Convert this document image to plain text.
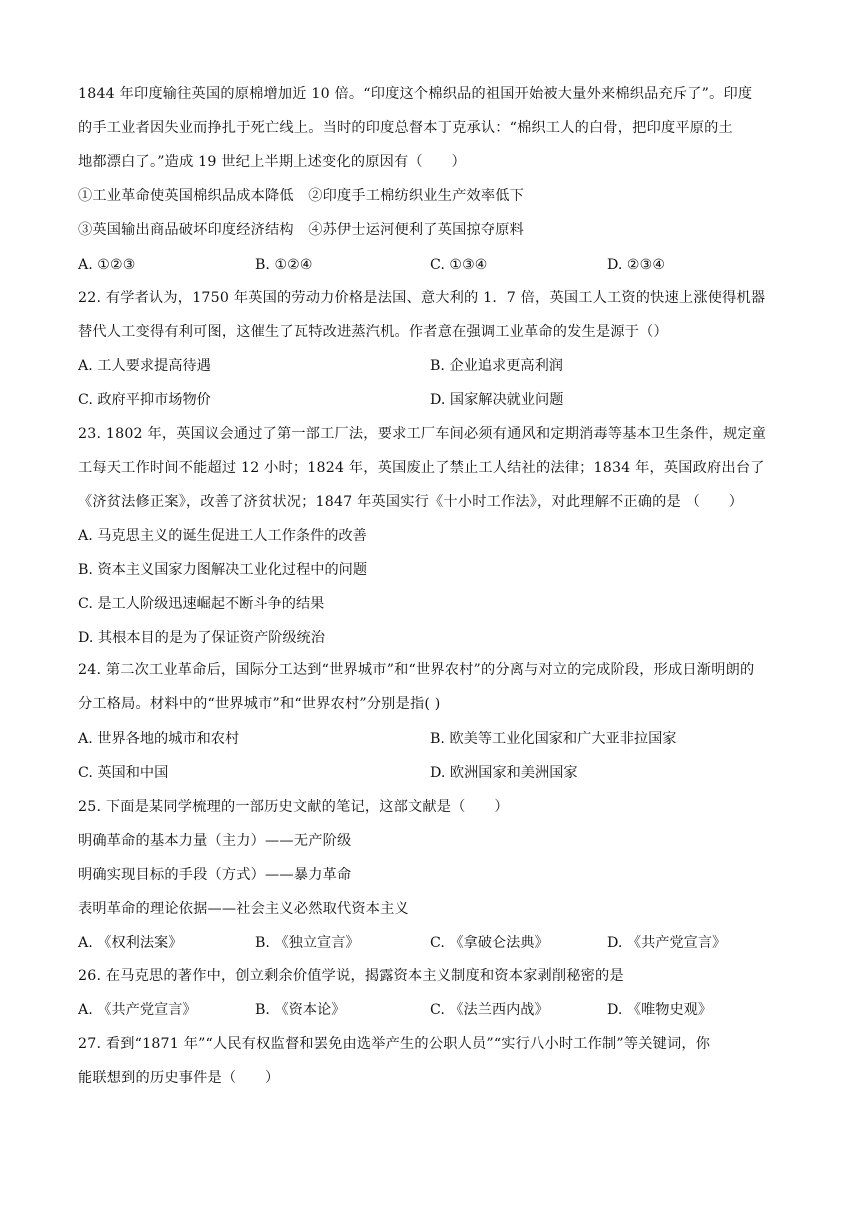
1844 年印度输往英国的原棉增加近 10 倍。“印度这个棉织品的祖国开始被大量外来棉织品充斥了”。印度
的手工业者因失业而挣扎于死亡线上。当时的印度总督本丁克承认：“棉织工人的白骨，把印度平原的土
地都漂白了。”造成 19 世纪上半期上述变化的原因有（　　）
①工业革命使英国棉织品成本降低　②印度手工棉纺织业生产效率低下
③英国输出商品破坏印度经济结构　④苏伊士运河便利了英国掠夺原料
A. ①②③	B. ①②④	C. ①③④	D. ②③④
22. 有学者认为，1750 年英国的劳动力价格是法国、意大利的 1．7 倍，英国工人工资的快速上涨使得机器
替代人工变得有利可图，这催生了瓦特改进蒸汽机。作者意在强调工业革命的发生是源于（）
A. 工人要求提高待遇	B. 企业追求更高利润
C. 政府平抑市场物价	D. 国家解决就业问题
23. 1802 年，英国议会通过了第一部工厂法，要求工厂车间必须有通风和定期消毒等基本卫生条件，规定童
工每天工作时间不能超过 12 小时；1824 年，英国废止了禁止工人结社的法律；1834 年，英国政府出台了
《济贫法修正案》，改善了济贫状况；1847 年英国实行《十小时工作法》，对此理解不正确的是 （　　）
A. 马克思主义的诞生促进工人工作条件的改善
B. 资本主义国家力图解决工业化过程中的问题
C. 是工人阶级迅速崛起不断斗争的结果
D. 其根本目的是为了保证资产阶级统治
24. 第二次工业革命后，国际分工达到“世界城市”和“世界农村”的分离与对立的完成阶段，形成日渐明朗的
分工格局。材料中的“世界城市”和“世界农村”分别是指( )
A. 世界各地的城市和农村	B. 欧美等工业化国家和广大亚非拉国家
C. 英国和中国	D. 欧洲国家和美洲国家
25. 下面是某同学梳理的一部历史文献的笔记，这部文献是（　　）
明确革命的基本力量（主力）——无产阶级
明确实现目标的手段（方式）——暴力革命
表明革命的理论依据——社会主义必然取代资本主义
A. 《权利法案》	B. 《独立宣言》	C. 《拿破仑法典》	D. 《共产党宣言》
26. 在马克思的著作中，创立剩余价值学说，揭露资本主义制度和资本家剥削秘密的是
A. 《共产党宣言》	B. 《资本论》	C. 《法兰西内战》	D. 《唯物史观》
27. 看到“1871 年”“人民有权监督和罢免由选举产生的公职人员”“实行八小时工作制”等关键词，你
能联想到的历史事件是（　　）
